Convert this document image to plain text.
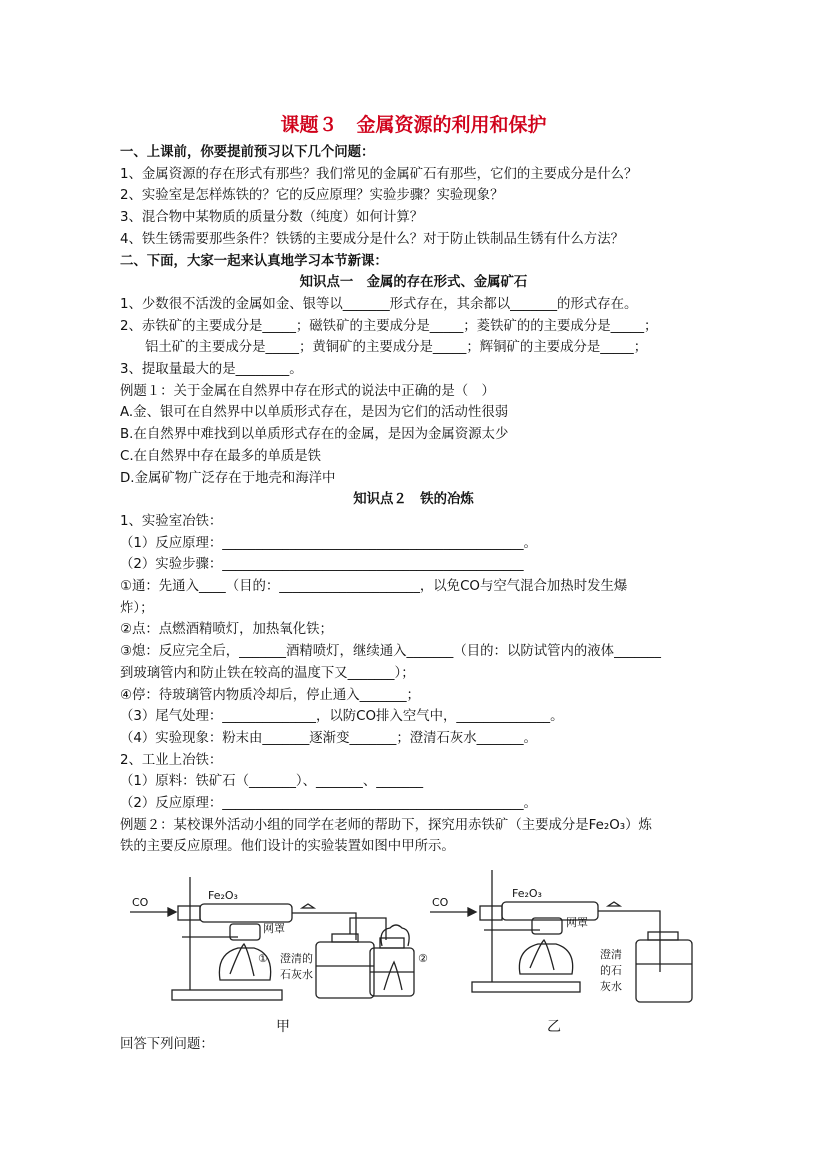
课题３　金属资源的利用和保护
一、上课前，你要提前预习以下几个问题：
1、金属资源的存在形式有那些？我们常见的金属矿石有那些，它们的主要成分是什么？
2、实验室是怎样炼铁的？它的反应原理？实验步骤？实验现象？
3、混合物中某物质的质量分数（纯度）如何计算？
4、铁生锈需要那些条件？铁锈的主要成分是什么？对于防止铁制品生锈有什么方法？
二、下面，大家一起来认真地学习本节新课：
知识点一　金属的存在形式、金属矿石
1、少数很不活泼的金属如金、银等以_______形式存在，其余都以_______的形式存在。
2、赤铁矿的主要成分是_____；磁铁矿的主要成分是_____；菱铁矿的的主要成分是_____；
铝土矿的主要成分是_____；黄铜矿的主要成分是_____；辉铜矿的主要成分是_____；
3、提取量最大的是________。
例题１：关于金属在自然界中存在形式的说法中正确的是（　）
A.金、银可在自然界中以单质形式存在，是因为它们的活动性很弱
B.在自然界中难找到以单质形式存在的金属，是因为金属资源太少
C.在自然界中存在最多的单质是铁
D.金属矿物广泛存在于地壳和海洋中
知识点２　铁的冶炼
1、实验室冶铁：
（1）反应原理：_____________________________________________。
（2）实验步骤：_____________________________________________
①通：先通入____（目的：_____________________，以免CO与空气混合加热时发生爆
炸）；
②点：点燃酒精喷灯，加热氧化铁；
③熄：反应完全后，_______酒精喷灯，继续通入_______（目的：以防试管内的液体_______
到玻璃管内和防止铁在较高的温度下又_______）；
④停：待玻璃管内物质冷却后，停止通入_______；
（3）尾气处理：______________，以防CO排入空气中，______________。
（4）实验现象：粉末由_______逐渐变_______；澄清石灰水_______。
2、工业上冶铁：
（1）原料：铁矿石（_______）、_______、_______
（2）反应原理：_____________________________________________。
例题２：某校课外活动小组的同学在老师的帮助下，探究用赤铁矿（主要成分是Fe₂O₃）炼
铁的主要反应原理。他们设计的实验装置如图中甲所示。
CO
Fe₂O₃
网罩
① 澄清的
石灰水
②
CO
Fe₂O₃
网罩
澄清
的石
灰水
甲	乙
回答下列问题：
